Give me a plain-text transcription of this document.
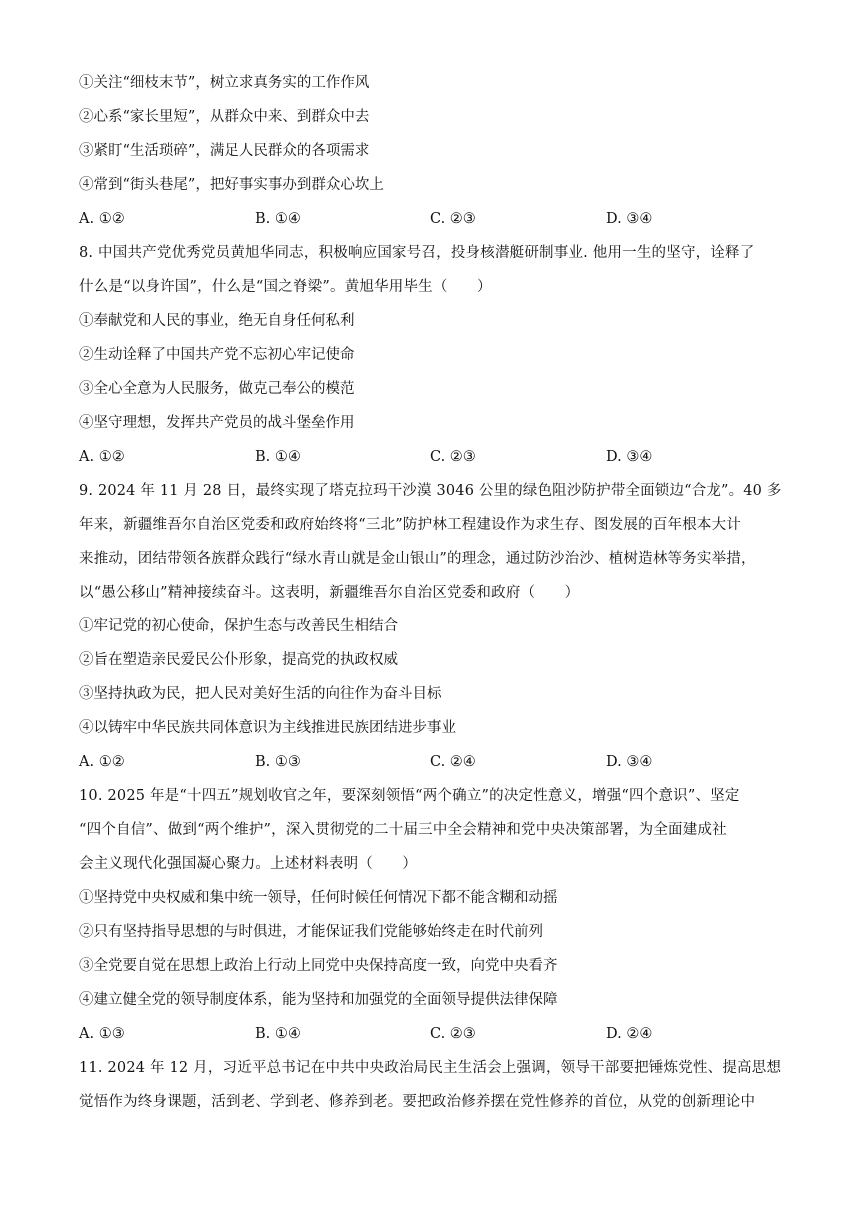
①关注“细枝末节”，树立求真务实的工作作风
②心系“家长里短”，从群众中来、到群众中去
③紧盯“生活琐碎”，满足人民群众的各项需求
④常到“街头巷尾”，把好事实事办到群众心坎上
A. ①②	B. ①④	C. ②③	D. ③④
8. 中国共产党优秀党员黄旭华同志，积极响应国家号召，投身核潜艇研制事业. 他用一生的坚守，诠释了
什么是“以身许国”，什么是“国之脊梁”。黄旭华用毕生（　　）
①奉献党和人民的事业，绝无自身任何私利
②生动诠释了中国共产党不忘初心牢记使命
③全心全意为人民服务，做克己奉公的模范
④坚守理想，发挥共产党员的战斗堡垒作用
A. ①②	B. ①④	C. ②③	D. ③④
9. 2024 年 11 月 28 日，最终实现了塔克拉玛干沙漠 3046 公里的绿色阻沙防护带全面锁边“合龙”。40 多
年来，新疆维吾尔自治区党委和政府始终将“三北”防护林工程建设作为求生存、图发展的百年根本大计
来推动，团结带领各族群众践行“绿水青山就是金山银山”的理念，通过防沙治沙、植树造林等务实举措，
以“愚公移山”精神接续奋斗。这表明，新疆维吾尔自治区党委和政府（　　）
①牢记党的初心使命，保护生态与改善民生相结合
②旨在塑造亲民爱民公仆形象，提高党的执政权威
③坚持执政为民，把人民对美好生活的向往作为奋斗目标
④以铸牢中华民族共同体意识为主线推进民族团结进步事业
A. ①②	B. ①③	C. ②④	D. ③④
10. 2025 年是“十四五”规划收官之年，要深刻领悟“两个确立”的决定性意义，增强“四个意识”、坚定
“四个自信”、做到“两个维护”，深入贯彻党的二十届三中全会精神和党中央决策部署，为全面建成社
会主义现代化强国凝心聚力。上述材料表明（　　）
①坚持党中央权威和集中统一领导，任何时候任何情况下都不能含糊和动摇
②只有坚持指导思想的与时俱进，才能保证我们党能够始终走在时代前列
③全党要自觉在思想上政治上行动上同党中央保持高度一致，向党中央看齐
④建立健全党的领导制度体系，能为坚持和加强党的全面领导提供法律保障
A. ①③	B. ①④	C. ②③	D. ②④
11. 2024 年 12 月，习近平总书记在中共中央政治局民主生活会上强调，领导干部要把锤炼党性、提高思想
觉悟作为终身课题，活到老、学到老、修养到老。要把政治修养摆在党性修养的首位，从党的创新理论中
